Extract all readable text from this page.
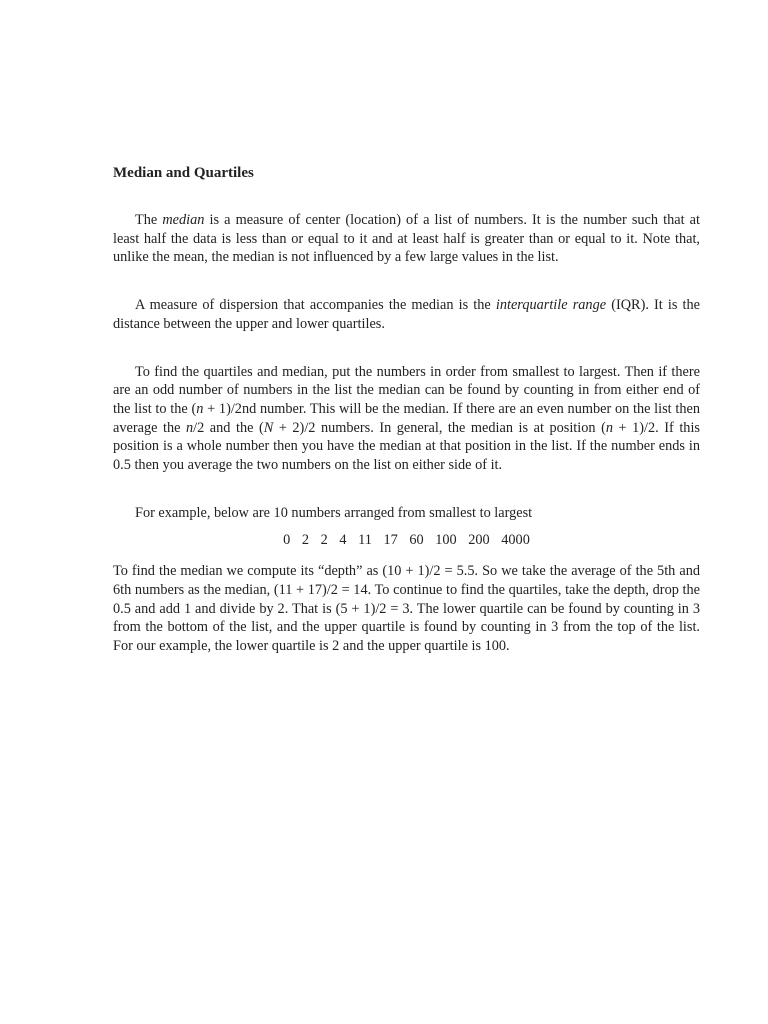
Median and Quartiles

The median is a measure of center (location) of a list of numbers. It is the number such that at least half the data is less than or equal to it and at least half is greater than or equal to it. Note that, unlike the mean, the median is not influenced by a few large values in the list.

A measure of dispersion that accompanies the median is the interquartile range (IQR). It is the distance between the upper and lower quartiles.

To find the quartiles and median, put the numbers in order from smallest to largest. Then if there are an odd number of numbers in the list the median can be found by counting in from either end of the list to the (n + 1)/2nd number. This will be the median. If there are an even number on the list then average the n/2 and the (N + 2)/2 numbers. In general, the median is at position (n + 1)/2. If this position is a whole number then you have the median at that position in the list. If the number ends in 0.5 then you average the two numbers on the list on either side of it.

For example, below are 10 numbers arranged from smallest to largest

0 2 2 4 11 17 60 100 200 4000

To find the median we compute its “depth” as (10 + 1)/2 = 5.5. So we take the average of the 5th and 6th numbers as the median, (11 + 17)/2 = 14. To continue to find the quartiles, take the depth, drop the 0.5 and add 1 and divide by 2. That is (5 + 1)/2 = 3. The lower quartile can be found by counting in 3 from the bottom of the list, and the upper quartile is found by counting in 3 from the top of the list. For our example, the lower quartile is 2 and the upper quartile is 100.
